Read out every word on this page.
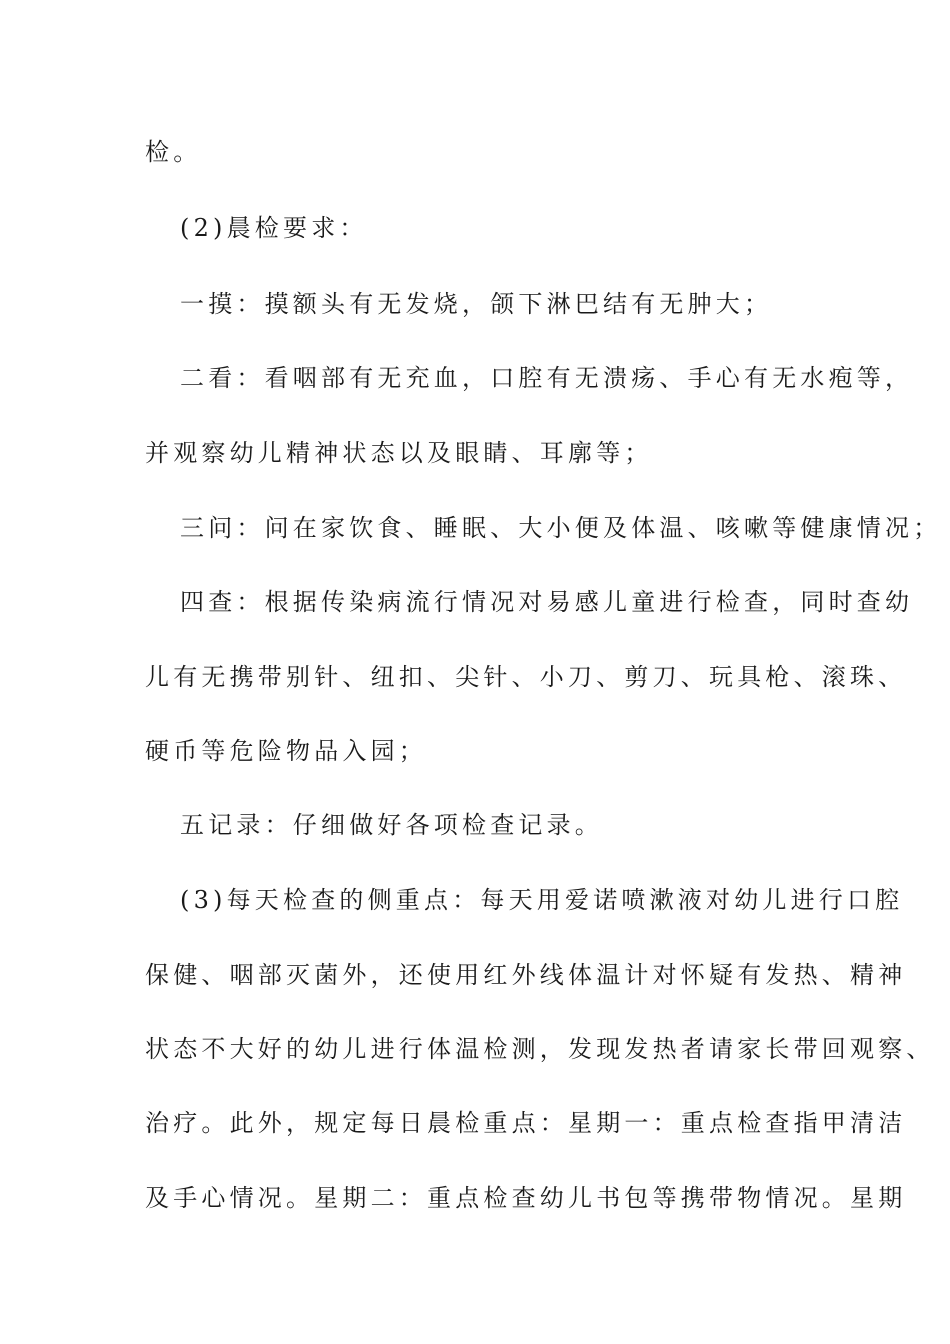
检。
(2)晨检要求：
一摸：摸额头有无发烧，颌下淋巴结有无肿大；
二看：看咽部有无充血，口腔有无溃疡、手心有无水疱等，
并观察幼儿精神状态以及眼睛、耳廓等；
三问：问在家饮食、睡眠、大小便及体温、咳嗽等健康情况；
四查：根据传染病流行情况对易感儿童进行检查，同时查幼
儿有无携带别针、纽扣、尖针、小刀、剪刀、玩具枪、滚珠、
硬币等危险物品入园；
五记录：仔细做好各项检查记录。
(3)每天检查的侧重点：每天用爱诺喷漱液对幼儿进行口腔
保健、咽部灭菌外，还使用红外线体温计对怀疑有发热、精神
状态不大好的幼儿进行体温检测，发现发热者请家长带回观察、
治疗。此外，规定每日晨检重点：星期一：重点检查指甲清洁
及手心情况。星期二：重点检查幼儿书包等携带物情况。星期
